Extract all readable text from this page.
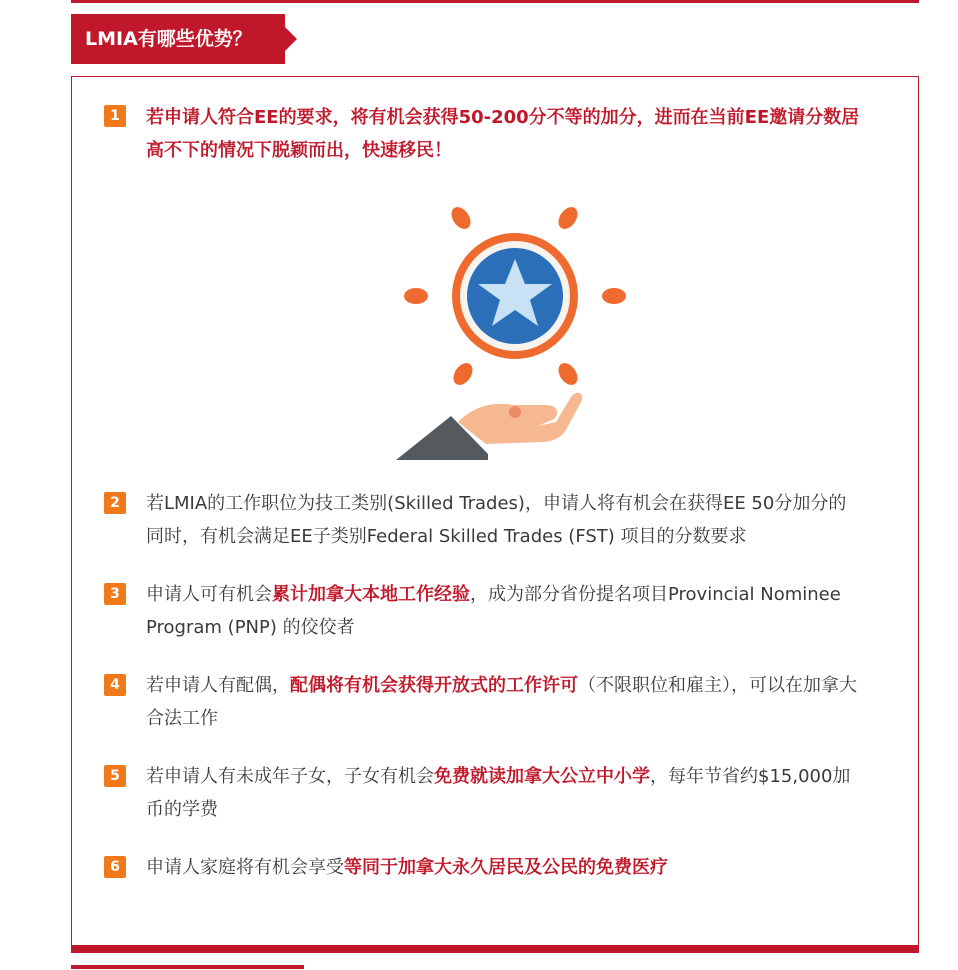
LMIA有哪些优势？
1	若申请人符合EE的要求，将有机会获得50-200分不等的加分，进而在当前EE邀请分数居高不下的情况下脱颖而出，快速移民！
2	若LMIA的工作职位为技工类别(Skilled Trades)，申请人将有机会在获得EE 50分加分的同时，有机会满足EE子类别Federal Skilled Trades (FST) 项目的分数要求
3	申请人可有机会累计加拿大本地工作经验，成为部分省份提名项目Provincial Nominee Program (PNP) 的佼佼者
4	若申请人有配偶，配偶将有机会获得开放式的工作许可（不限职位和雇主），可以在加拿大合法工作
5	若申请人有未成年子女，子女有机会免费就读加拿大公立中小学，每年节省约$15,000加币的学费
6	申请人家庭将有机会享受等同于加拿大永久居民及公民的免费医疗
